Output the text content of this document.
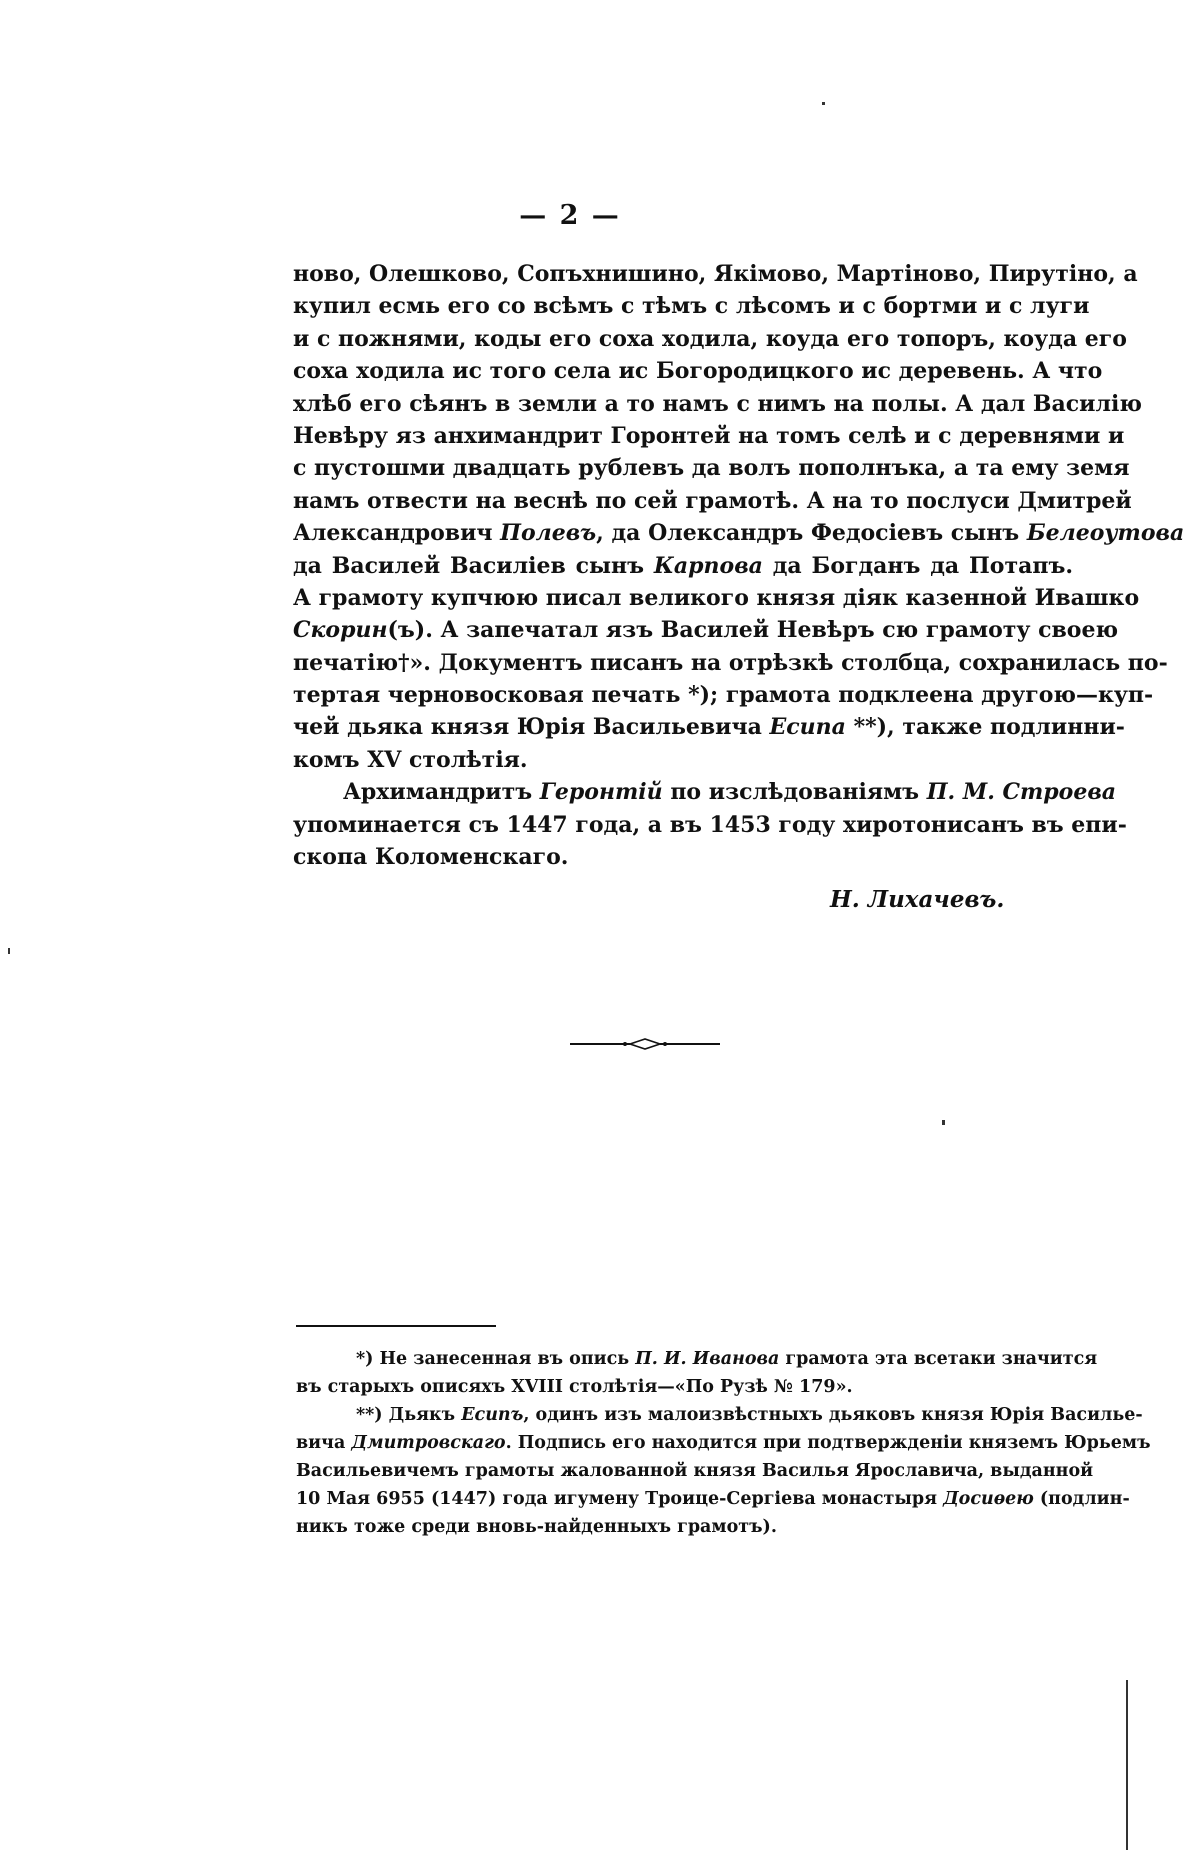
— 2 —
ново, Олешково, Сопъхнишино, Якімово, Мартіново, Пирутіно, а
купил есмь его со всѣмъ с тѣмъ с лѣсомъ и с бортми и с луги
и с пожнями, коды его соха ходила, коуда его топоръ, коуда его
соха ходила ис того села ис Богородицкого ис деревень. А что
хлѣб его сѣянъ в земли а то намъ с нимъ на полы. А дал Василію
Невѣру яз анхимандрит Горонтей на томъ селѣ и с деревнями и
с пустошми двадцать рублевъ да волъ пополнъка, а та ему земя
намъ отвести на веснѣ по сей грамотѣ. А на то послуси Дмитрей
Александрович Полевъ, да Олександръ Федосіевъ сынъ Белеоутова
да Василей Василіев сынъ Карпова да Богданъ да Потапъ.
А грамоту купчюю писал великого князя діяк казенной Ивашко
Скорин(ъ). А запечатал язъ Василей Невѣръ сю грамоту своею
печатію†». Документъ писанъ на отрѣзкѣ столбца, сохранилась по-
тертая черновосковая печать *); грамота подклеена другою—куп-
чей дьяка князя Юрія Васильевича Есипа **), также подлинни-
комъ XV столѣтія.
Архимандритъ Геронтій по изслѣдованіямъ П. М. Строева
упоминается съ 1447 года, а въ 1453 году хиротонисанъ въ епи-
скопа Коломенскаго.
Н. Лихачевъ.
*) Не занесенная въ опись П. И. Иванова грамота эта всетаки значится
въ старыхъ описяхъ XVIII столѣтія—«По Рузѣ № 179».
**) Дьякъ Есипъ, одинъ изъ малоизвѣстныхъ дьяковъ князя Юрія Василье-
вича Дмитровскаго. Подпись его находится при подтвержденіи княземъ Юрьемъ
Васильевичемъ грамоты жалованной князя Василья Ярославича, выданной
10 Мая 6955 (1447) года игумену Троице-Сергіева монастыря Досиѳею (подлин-
никъ тоже среди вновь-найденныхъ грамотъ).
